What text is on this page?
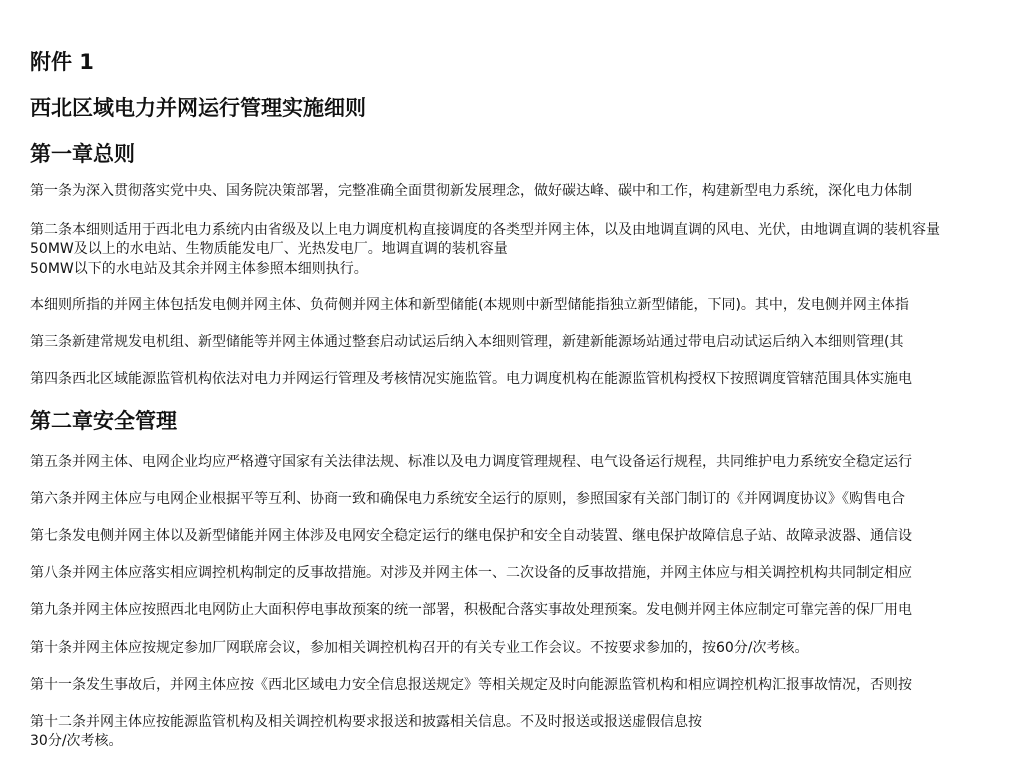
附件 1
西北区域电力并网运行管理实施细则
第一章总则

第一条为深入贯彻落实党中央、国务院决策部署，完整准确全面贯彻新发展理念，做好碳达峰、碳中和工作，构建新型电力系统，深化电力体制

第二条本细则适用于西北电力系统内由省级及以上电力调度机构直接调度的各类型并网主体，以及由地调直调的风电、光伏，由地调直调的装机容量

50MW及以上的水电站、生物质能发电厂、光热发电厂。地调直调的装机容量

50MW以下的水电站及其余并网主体参照本细则执行。

本细则所指的并网主体包括发电侧并网主体、负荷侧并网主体和新型储能(本规则中新型储能指独立新型储能，下同)。其中，发电侧并网主体指

第三条新建常规发电机组、新型储能等并网主体通过整套启动试运后纳入本细则管理，新建新能源场站通过带电启动试运后纳入本细则管理(其

第四条西北区域能源监管机构依法对电力并网运行管理及考核情况实施监管。电力调度机构在能源监管机构授权下按照调度管辖范围具体实施电

第二章安全管理

第五条并网主体、电网企业均应严格遵守国家有关法律法规、标准以及电力调度管理规程、电气设备运行规程，共同维护电力系统安全稳定运行

第六条并网主体应与电网企业根据平等互利、协商一致和确保电力系统安全运行的原则，参照国家有关部门制订的《并网调度协议》《购售电合

第七条发电侧并网主体以及新型储能并网主体涉及电网安全稳定运行的继电保护和安全自动装置、继电保护故障信息子站、故障录波器、通信设

第八条并网主体应落实相应调控机构制定的反事故措施。对涉及并网主体一、二次设备的反事故措施，并网主体应与相关调控机构共同制定相应

第九条并网主体应按照西北电网防止大面积停电事故预案的统一部署，积极配合落实事故处理预案。发电侧并网主体应制定可靠完善的保厂用电

第十条并网主体应按规定参加厂网联席会议，参加相关调控机构召开的有关专业工作会议。不按要求参加的，按60分/次考核。

第十一条发生事故后，并网主体应按《西北区域电力安全信息报送规定》等相关规定及时向能源监管机构和相应调控机构汇报事故情况，否则按

第十二条并网主体应按能源监管机构及相关调控机构要求报送和披露相关信息。不及时报送或报送虚假信息按

30分/次考核。
